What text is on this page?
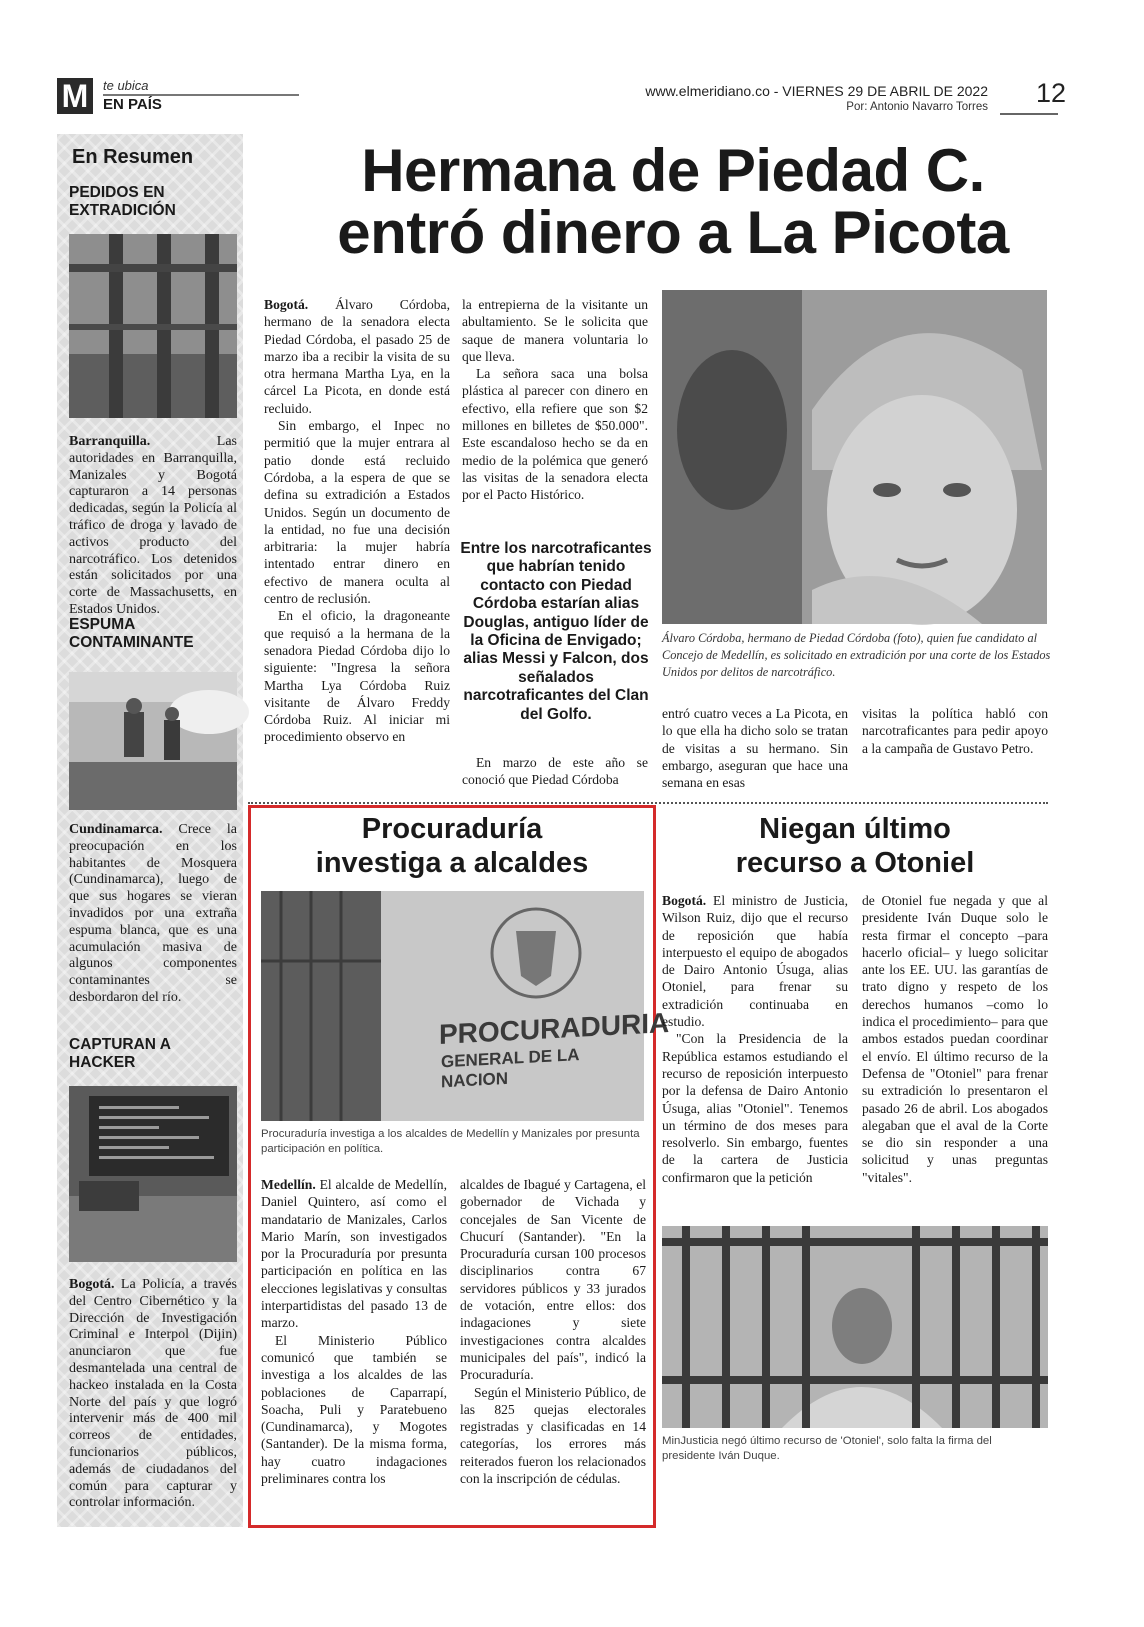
M	te ubica
EN PAÍS
www.elmeridiano.co - VIERNES 29 DE ABRIL DE 2022
Por: Antonio Navarro Torres 12
En Resumen
PEDIDOS EN EXTRADICIÓN

Barranquilla. Las autoridades en Barranquilla, Manizales y Bogotá capturaron a 14 personas dedicadas, según la Policía al tráfico de droga y lavado de activos producto del narcotráfico. Los detenidos están solicitados por una corte de Massachusetts, en Estados Unidos.

ESPUMA CONTAMINANTE

Cundinamarca. Crece la preocupación en los habitantes de Mosquera (Cundinamarca), luego de que sus hogares se vieran invadidos por una extraña espuma blanca, que es una acumulación masiva de algunos componentes contaminantes se desbordaron del río.

CAPTURAN A HACKER

Bogotá. La Policía, a través del Centro Cibernético y la Dirección de Investigación Criminal e Interpol (Dijin) anunciaron que fue desmantelada una central de hackeo instalada en la Costa Norte del país y que logró intervenir más de 400 mil correos de entidades, funcionarios públicos, además de ciudadanos del común para capturar y controlar información.

Hermana de Piedad C.
entró dinero a La Picota

Bogotá. Álvaro Córdoba, hermano de la senadora electa Piedad Córdoba, el pasado 25 de marzo iba a recibir la visita de su otra hermana Martha Lya, en la cárcel La Picota, en donde está recluido.

Sin embargo, el Inpec no permitió que la mujer entrara al patio donde está recluido Córdoba, a la espera de que se defina su extradición a Estados Unidos. Según un documento de la entidad, no fue una decisión arbitraria: la mujer habría intentado entrar dinero en efectivo de manera oculta al centro de reclusión.

En el oficio, la dragoneante que requisó a la hermana de la senadora Piedad Córdoba dijo lo siguiente: "Ingresa la señora Martha Lya Córdoba Ruiz visitante de Álvaro Freddy Córdoba Ruiz. Al iniciar mi procedimiento observo en

la entrepierna de la visitante un abultamiento. Se le solicita que saque de manera voluntaria lo que lleva.

La señora saca una bolsa plástica al parecer con dinero en efectivo, ella refiere que son $2 millones en billetes de $50.000". Este escandaloso hecho se da en medio de la polémica que generó las visitas de la senadora electa por el Pacto Histórico.

Entre los narcotraficantes que habrían tenido contacto con Piedad Córdoba estarían alias Douglas, antiguo líder de la Oficina de Envigado; alias Messi y Falcon, dos señalados narcotraficantes del Clan del Golfo.

En marzo de este año se conoció que Piedad Córdoba

Álvaro Córdoba, hermano de Piedad Córdoba (foto), quien fue candidato al Concejo de Medellín, es solicitado en extradición por una corte de los Estados Unidos por delitos de narcotráfico.

entró cuatro veces a La Picota, en lo que ella ha dicho solo se tratan de visitas a su hermano. Sin embargo, aseguran que hace una semana en esas

visitas la política habló con narcotraficantes para pedir apoyo a la campaña de Gustavo Petro.

Procuraduría
investiga a alcaldes
PROCURADURIA
GENERAL DE LA NACION
Procuraduría investiga a los alcaldes de Medellín y Manizales por presunta participación en política.

Medellín. El alcalde de Medellín, Daniel Quintero, así como el mandatario de Manizales, Carlos Mario Marín, son investigados por la Procuraduría por presunta participación en política en las elecciones legislativas y consultas interpartidistas del pasado 13 de marzo.

El Ministerio Público comunicó que también se investiga a los alcaldes de las poblaciones de Caparrapí, Soacha, Puli y Paratebueno (Cundinamarca), y Mogotes (Santander). De la misma forma, hay cuatro indagaciones preliminares contra los

alcaldes de Ibagué y Cartagena, el gobernador de Vichada y concejales de San Vicente de Chucurí (Santander). "En la Procuraduría cursan 100 procesos disciplinarios contra 67 servidores públicos y 33 jurados de votación, entre ellos: dos indagaciones y siete investigaciones contra alcaldes municipales del país", indicó la Procuraduría.

Según el Ministerio Público, de las 825 quejas electorales registradas y clasificadas en 14 categorías, los errores más reiterados fueron los relacionados con la inscripción de cédulas.

Niegan último
recurso a Otoniel

Bogotá. El ministro de Justicia, Wilson Ruiz, dijo que el recurso de reposición que había interpuesto el equipo de abogados de Dairo Antonio Úsuga, alias Otoniel, para frenar su extradición continuaba en estudio.

"Con la Presidencia de la República estamos estudiando el recurso de reposición interpuesto por la defensa de Dairo Antonio Úsuga, alias "Otoniel". Tenemos un término de dos meses para resolverlo. Sin embargo, fuentes de la cartera de Justicia confirmaron que la petición

de Otoniel fue negada y que al presidente Iván Duque solo le resta firmar el concepto –para hacerlo oficial– y luego solicitar ante los EE. UU. las garantías de trato digno y respeto de los derechos humanos –como lo indica el procedimiento– para que ambos estados puedan coordinar el envío. El último recurso de la Defensa de "Otoniel" para frenar su extradición lo presentaron el pasado 26 de abril. Los abogados alegaban que el aval de la Corte se dio sin responder a una solicitud y unas preguntas "vitales".

MinJusticia negó último recurso de 'Otoniel', solo falta la firma del presidente Iván Duque.
